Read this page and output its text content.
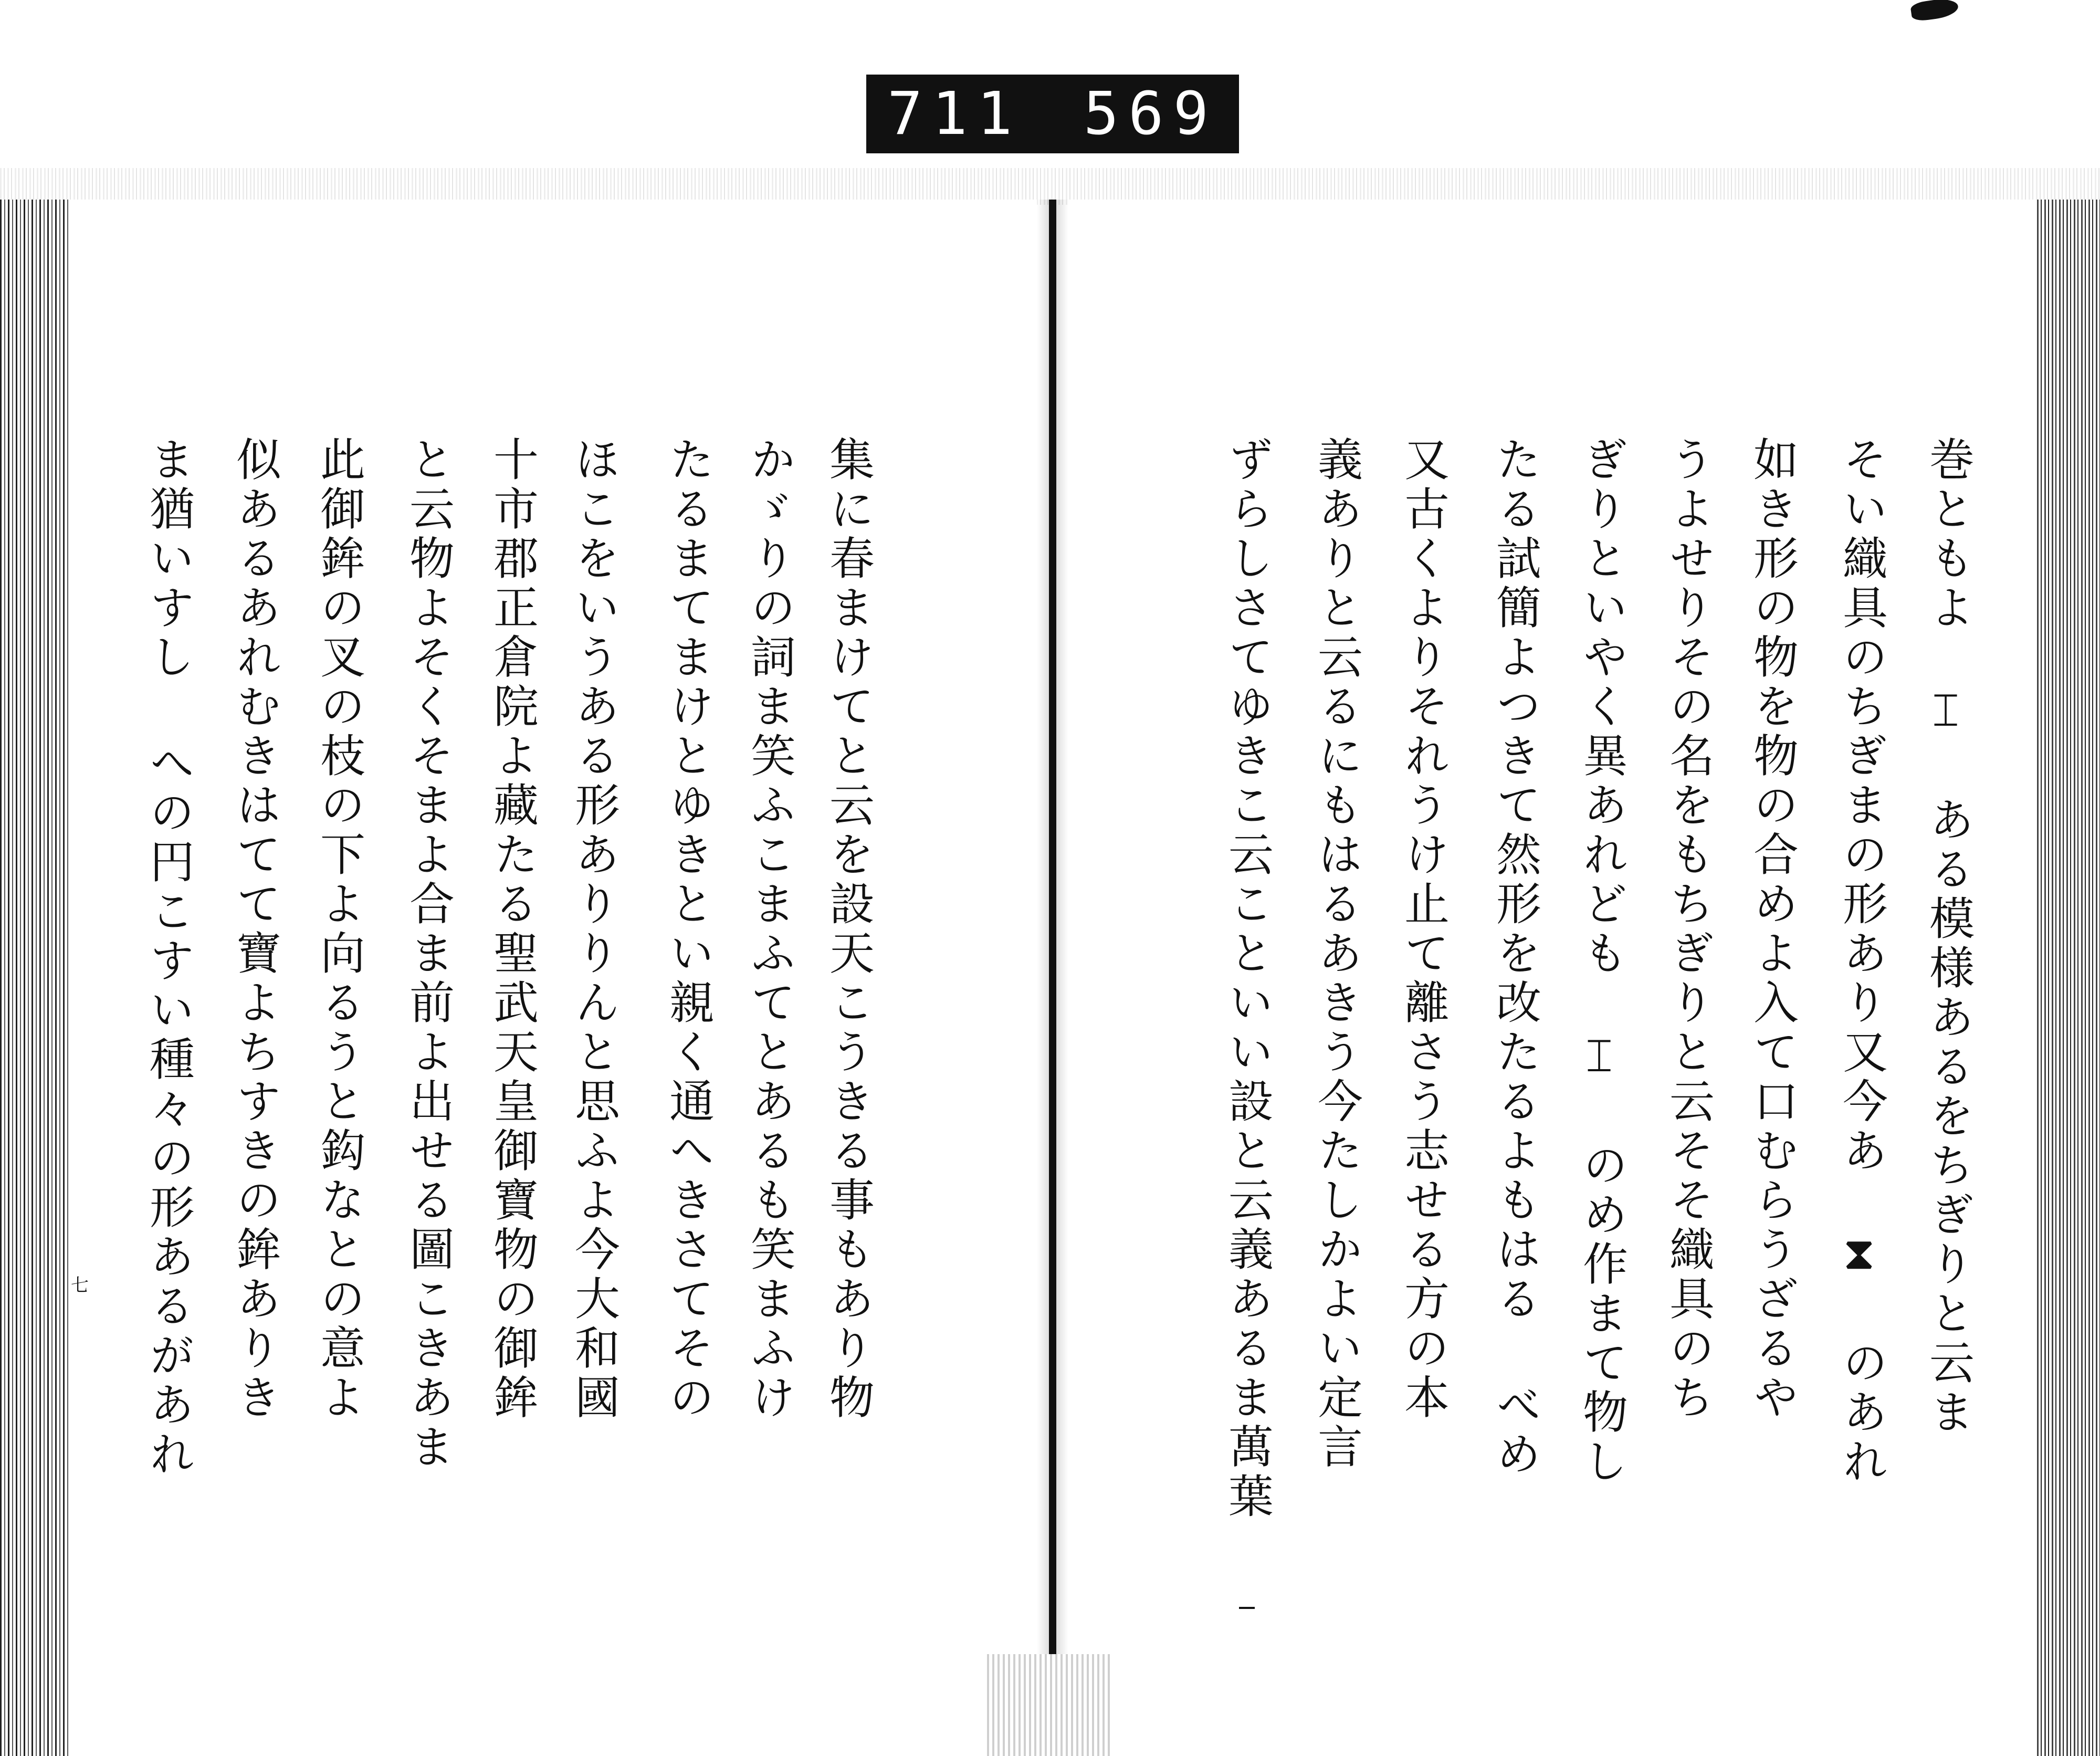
711 569
集に春まけてと云を設天こうきる事もあり物
かゞりの詞ま笑ふこまふてとあるも笑まふけ
たるまてまけとゆきとい親く通へきさてその
ほこをいうある形ありりんと思ふよ今大和國
十市郡正倉院よ藏たる聖武天皇御寶物の御鉾
と云物よそくそまよ合ま前よ出せる圖こきあま
此御鉾の叉の枝の下よ向るうと鈎なとの意よ
似あるあれむきはてて寶よちすきの鉾ありき
ま猶いすし への円こすい種々の形あるがあれ
七	巻ともよ ⌶ ある模様あるをちぎりと云ま
そい織具のちぎまの形あり又今あ ⧗ のあれ
如き形の物を物の合めよ入て口むらうざるや
うよせりその名をもちぎりと云そそ織具のち
ぎりといやく異あれども ⌶ のめ作まて物し
たる試簡よつきて然形を改たるよもはる べめ
又古くよりそれうけ止て離さう志せる方の本
義ありと云るにもはるあきう今たしかよい定言
ずらしさてゆきこ云こといい設と云義あるま萬葉
